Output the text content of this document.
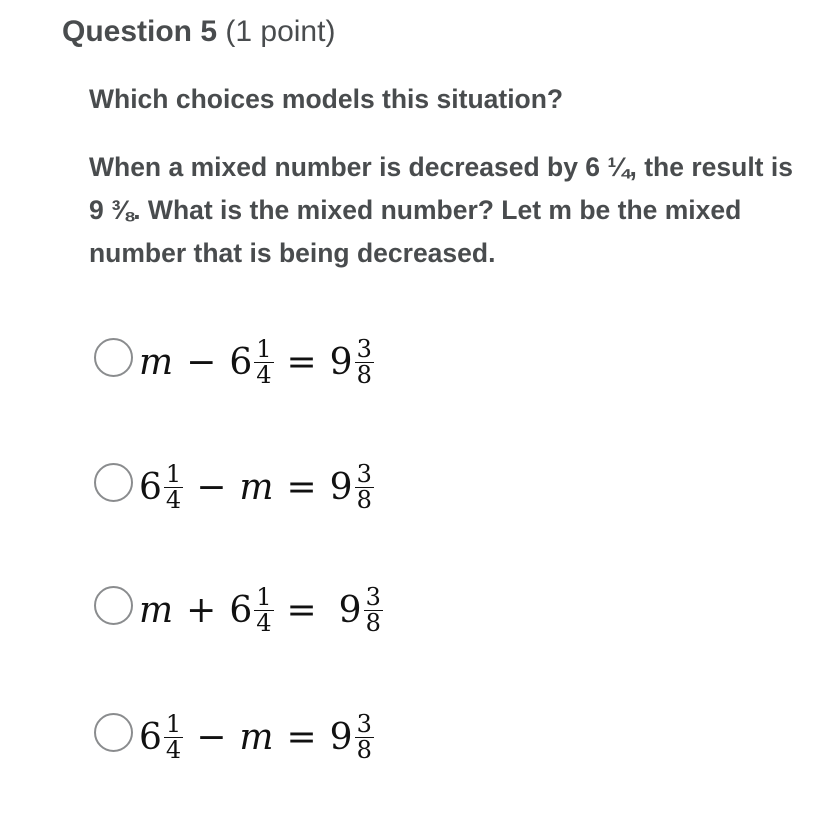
Question 5 (1 point)
Which choices models this situation?
When a mixed number is decreased by 6 ¼, the result is 9 ⅜. What is the mixed number? Let m be the mixed number that is being decreased.
$m - 6 \frac{1}{4} = 9 \frac{3}{8}$
$6 \frac{1}{4} - m = 9 \frac{3}{8}$
$m + 6 \frac{1}{4} = 9 \frac{3}{8}$
$6 \frac{1}{4} - m = 9 \frac{3}{8}$
